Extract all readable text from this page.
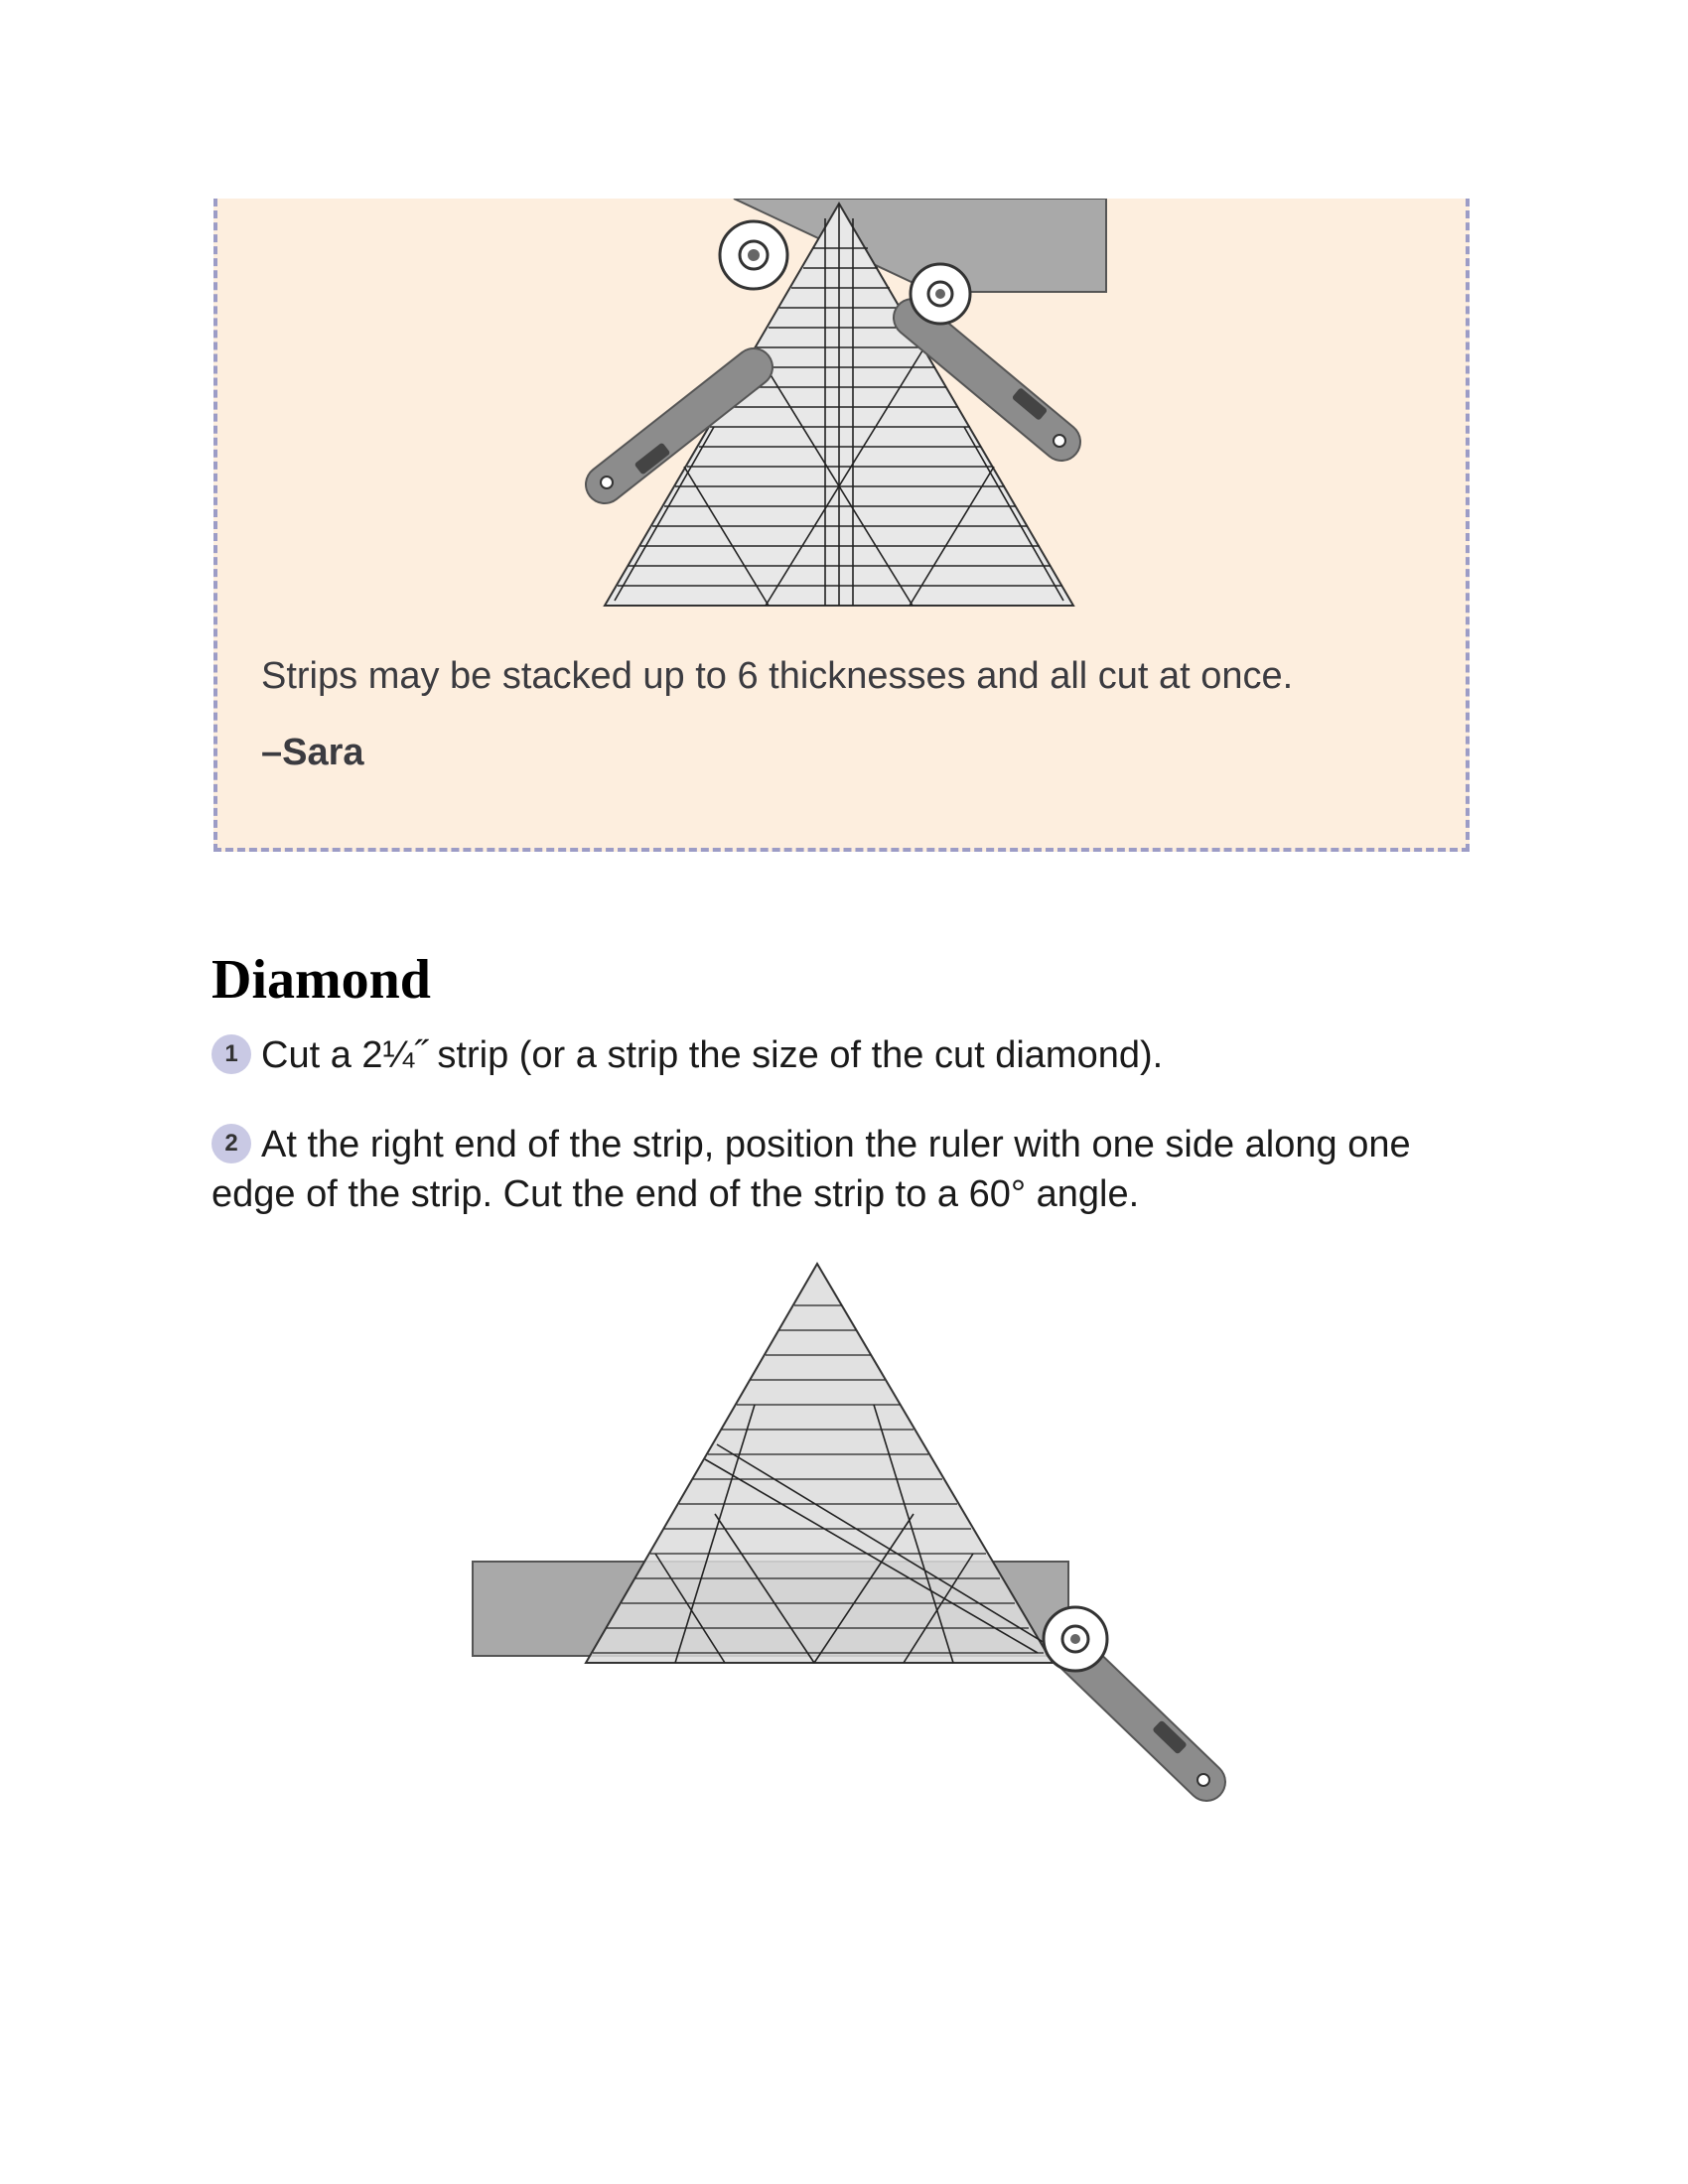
Strips may be stacked up to 6 thicknesses and all cut at once.
–Sara
Diamond
1 Cut a 2¼˝ strip (or a strip the size of the cut diamond).
2 At the right end of the strip, position the ruler with one side along one edge of the strip. Cut the end of the strip to a 60° angle.
